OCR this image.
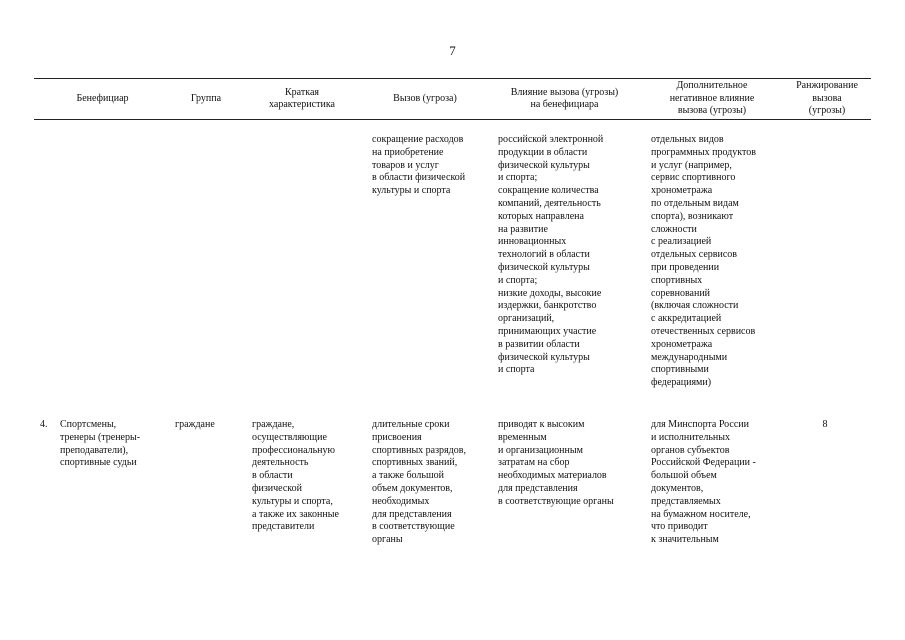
7
Бенефициар	Группа
Краткая
характеристика
Вызов (угроза)
Влияние вызова (угрозы)
на бенефициара
Дополнительное
негативное влияние
вызова (угрозы)
Ранжирование
вызова
(угрозы)
сокращение расходов
на приобретение
товаров и услуг
в области физической
культуры и спорта
российской электронной
продукции в области
физической культуры
и спорта;
сокращение количества
компаний, деятельность
которых направлена
на развитие
инновационных
технологий в области
физической культуры
и спорта;
низкие доходы, высокие
издержки, банкротство
организаций,
принимающих участие
в развитии области
физической культуры
и спорта
отдельных видов
программных продуктов
и услуг (например,
сервис спортивного
хронометража
по отдельным видам
спорта), возникают
сложности
с реализацией
отдельных сервисов
при проведении
спортивных
соревнований
(включая сложности
с аккредитацией
отечественных сервисов
хронометража
международными
спортивными
федерациями)
4. Спортсмены,
тренеры (тренеры-
преподаватели),
спортивные судьи
граждане	граждане,
осуществляющие
профессиональную
деятельность
в области
физической
культуры и спорта,
а также их законные
представители
длительные сроки
присвоения
спортивных разрядов,
спортивных званий,
а также большой
объем документов,
необходимых
для представления
в соответствующие
органы
приводят к высоким
временным
и организационным
затратам на сбор
необходимых материалов
для представления
в соответствующие органы
для Минспорта России
и исполнительных
органов субъектов
Российской Федерации -
большой объем
документов,
представляемых
на бумажном носителе,
что приводит
к значительным
8
